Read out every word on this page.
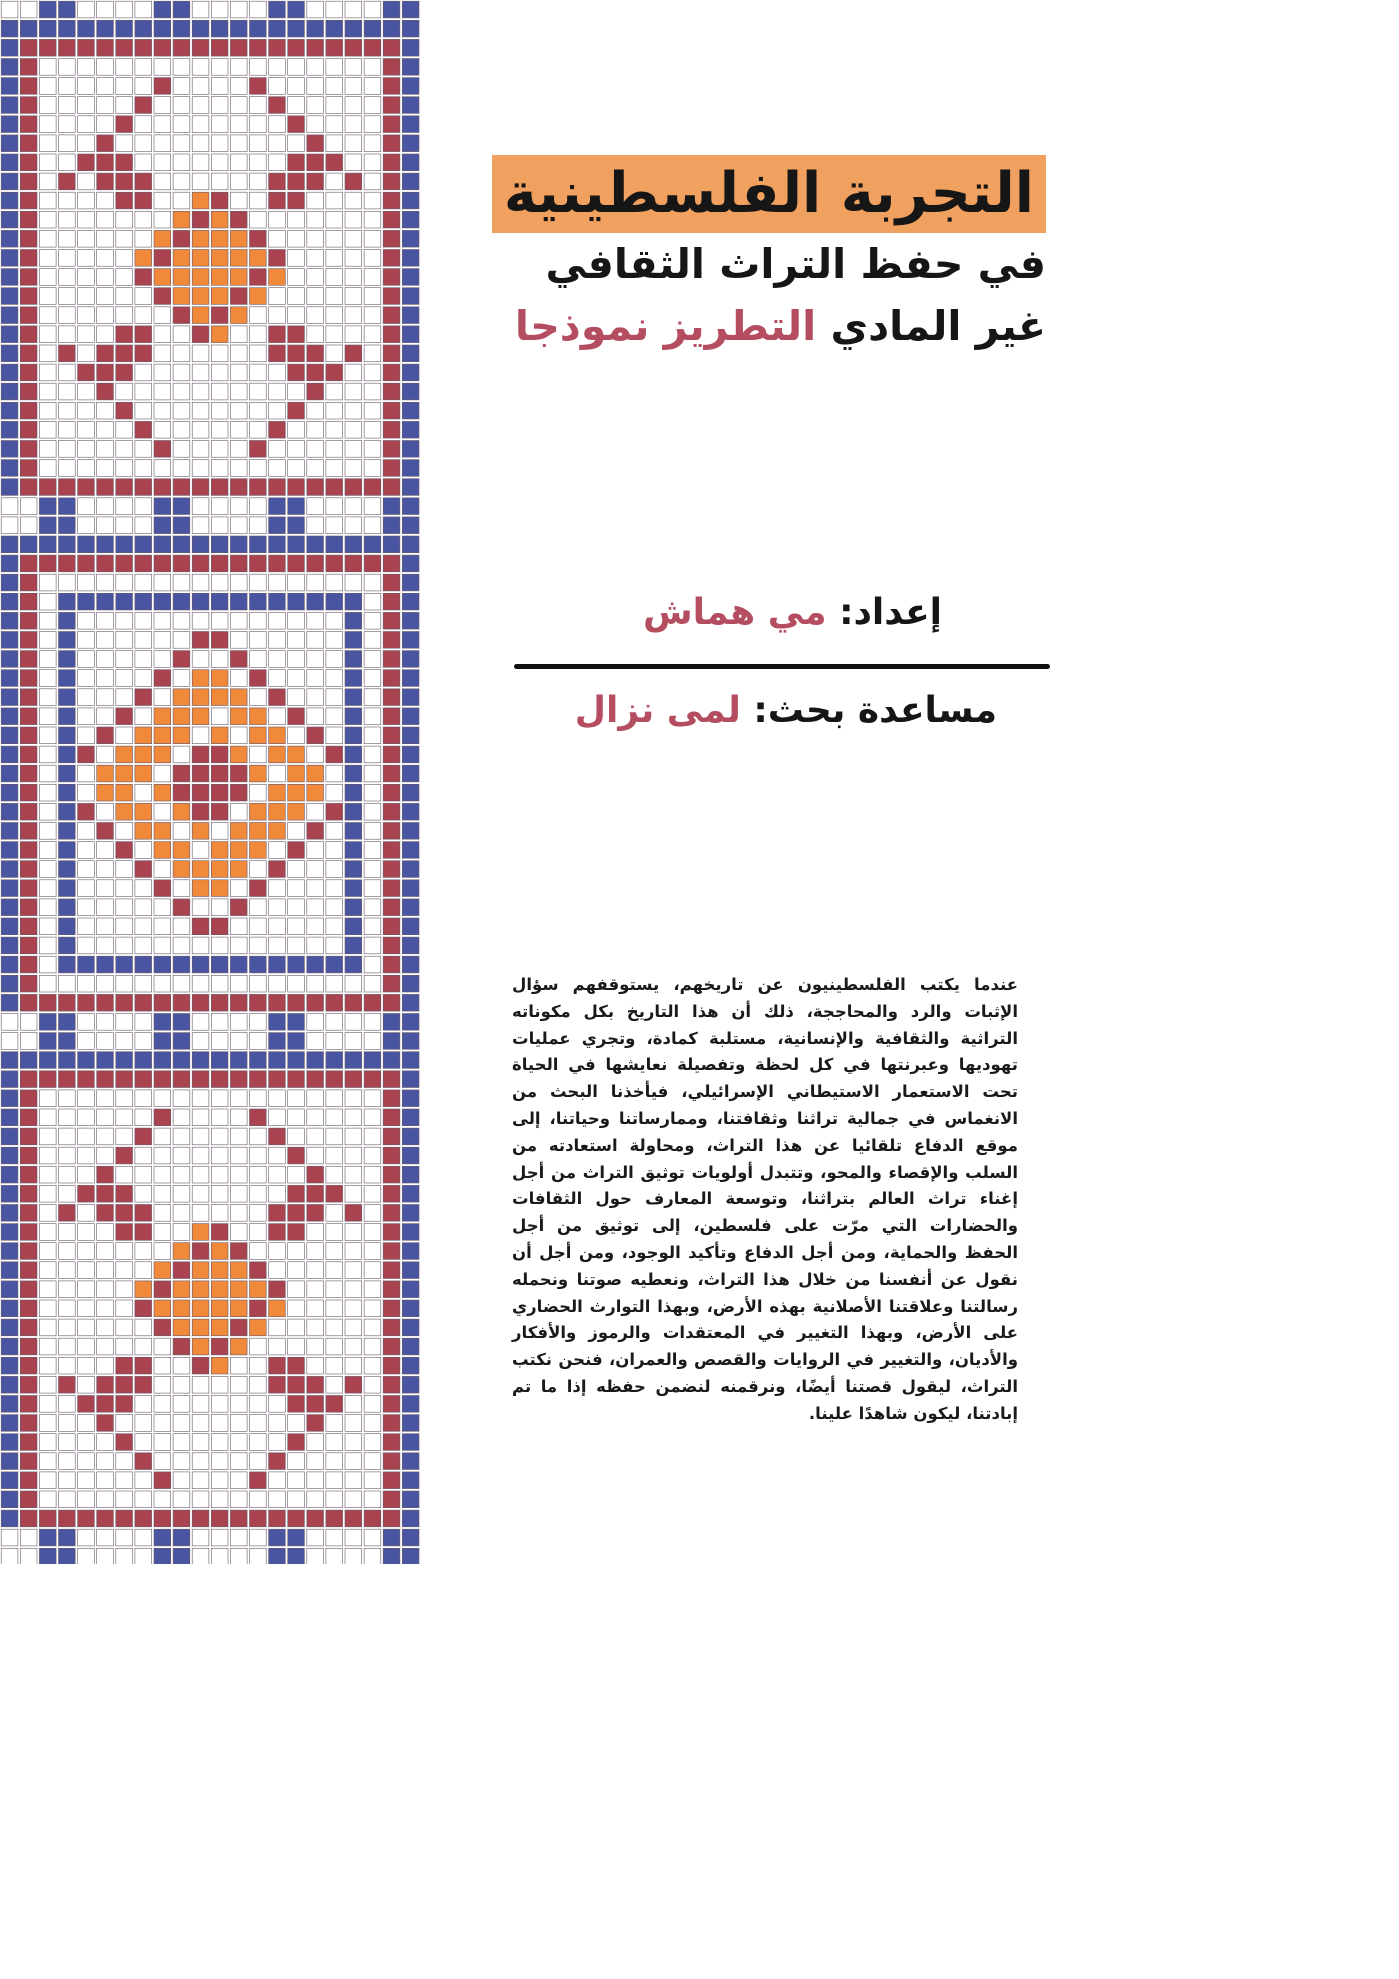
التجربة الفلسطينية
في حفظ التراث الثقافي
غير المادي التطريز نموذجا
إعداد: مي هماش
مساعدة بحث: لمى نزال
عندما يكتب الفلسطينيون عن تاريخهم، يستوقفهم سؤال الإثبات والرد والمحاججة، ذلك أن هذا التاريخ بكل مكوناته التراثية والثقافية والإنسانية، مستلبة كمادة، وتجري عمليات تهوديها وعبرنتها في كل لحظة وتفصيلة نعايشها في الحياة تحت الاستعمار الاستيطاني الإسرائيلي، فيأخذنا البحث من الانغماس في جمالية تراثنا وثقافتنا، وممارساتنا وحياتنا، إلى موقع الدفاع تلقائيا عن هذا التراث، ومحاولة استعادته من السلب والإقصاء والمحو، وتتبدل أولويات توثيق التراث من أجل إغناء تراث العالم بتراثنا، وتوسعة المعارف حول الثقافات والحضارات التي مرّت على فلسطين، إلى توثيق من أجل الحفظ والحماية، ومن أجل الدفاع وتأكيد الوجود، ومن أجل أن نقول عن أنفسنا من خلال هذا التراث، ونعطيه صوتنا ونحمله رسالتنا وعلاقتنا الأصلانية بهذه الأرض، وبهذا التوارث الحضاري على الأرض، وبهذا التغيير في المعتقدات والرموز والأفكار والأديان، والتغيير في الروايات والقصص والعمران، فنحن نكتب التراث، ليقول قصتنا أيضًا، ونرقمنه لنضمن حفظه إذا ما تم إبادتنا، ليكون شاهدًا علينا.
